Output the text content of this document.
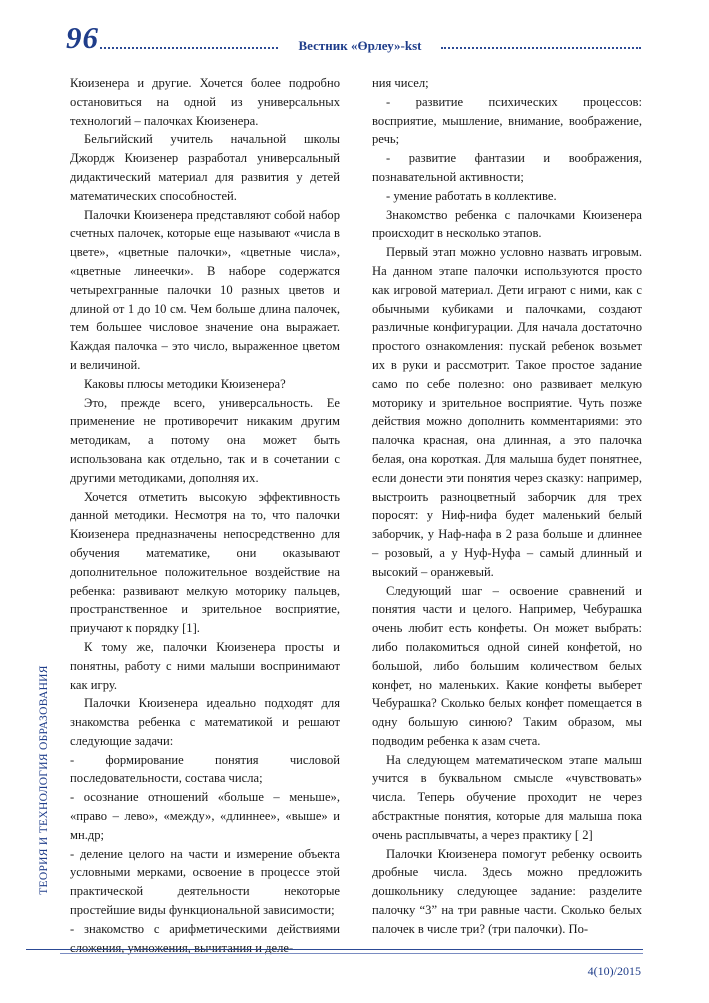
96	Вестник «Өрлеу»-kst
ТЕОРИЯ И ТЕХНОЛОГИЯ ОБРАЗОВАНИЯ

Кюизенера и другие. Хочется более подробно остановиться на одной из универсальных технологий – палочках Кюизенера.

Бельгийский учитель начальной школы Джордж Кюизенер разработал универсальный дидактический материал для развития у детей математических способностей.

Палочки Кюизенера представляют собой набор счетных палочек, которые еще называют «числа в цвете», «цветные палочки», «цветные числа», «цветные линеечки». В наборе содержатся четырехгранные палочки 10 разных цветов и длиной от 1 до 10 см. Чем больше длина палочек, тем большее числовое значение она выражает. Каждая палочка – это число, выраженное цветом и величиной.

Каковы плюсы методики Кюизенера?

Это, прежде всего, универсальность. Ее применение не противоречит никаким другим методикам, а потому она может быть использована как отдельно, так и в сочетании с другими методиками, дополняя их.

Хочется отметить высокую эффективность данной методики. Несмотря на то, что палочки Кюизенера предназначены непосредственно для обучения математике, они оказывают дополнительное положительное воздействие на ребенка: развивают мелкую моторику пальцев, пространственное и зрительное восприятие, приучают к порядку [1].

К тому же, палочки Кюизенера просты и понятны, работу с ними малыши воспринимают как игру.

Палочки Кюизенера идеально подходят для знакомства ребенка с математикой и решают следующие задачи:

- формирование понятия числовой последовательности, состава числа;

- осознание отношений «больше – меньше», «право – лево», «между», «длиннее», «выше» и мн.др;

- деление целого на части и измерение объекта условными мерками, освоение в процессе этой практической деятельности некоторые простейшие виды функциональной зависимости;

- знакомство с арифметическими действиями сложения, умножения, вычитания и деле-

ния чисел;

- развитие психических процессов: восприятие, мышление, внимание, воображение, речь;

- развитие фантазии и воображения, познавательной активности;

- умение работать в коллективе.

Знакомство ребенка с палочками Кюизенера происходит в несколько этапов.

Первый этап можно условно назвать игровым. На данном этапе палочки используются просто как игровой материал. Дети играют с ними, как с обычными кубиками и палочками, создают различные конфигурации. Для начала достаточно простого ознакомления: пускай ребенок возьмет их в руки и рассмотрит. Такое простое задание само по себе полезно: оно развивает мелкую моторику и зрительное восприятие. Чуть позже действия можно дополнить комментариями: это палочка красная, она длинная, а это палочка белая, она короткая. Для малыша будет понятнее, если донести эти понятия через сказку: например, выстроить разноцветный заборчик для трех поросят: у Ниф-нифа будет маленький белый заборчик, у Наф-нафа в 2 раза больше и длиннее – розовый, а у Нуф-Нуфа – самый длинный и высокий – оранжевый.

Следующий шаг – освоение сравнений и понятия части и целого. Например, Чебурашка очень любит есть конфеты. Он может выбрать: либо полакомиться одной синей конфетой, но большой, либо большим количеством белых конфет, но маленьких. Какие конфеты выберет Чебурашка? Сколько белых конфет помещается в одну большую синюю? Таким образом, мы подводим ребенка к азам счета.

На следующем математическом этапе малыш учится в буквальном смысле «чувствовать» числа. Теперь обучение проходит не через абстрактные понятия, которые для малыша пока очень расплывчаты, а через практику [ 2]

Палочки Кюизенера помогут ребенку освоить дробные числа. Здесь можно предложить дошкольнику следующее задание: разделите палочку “3” на три равные части. Сколько белых палочек в числе три? (три палочки). По-

4(10)/2015
